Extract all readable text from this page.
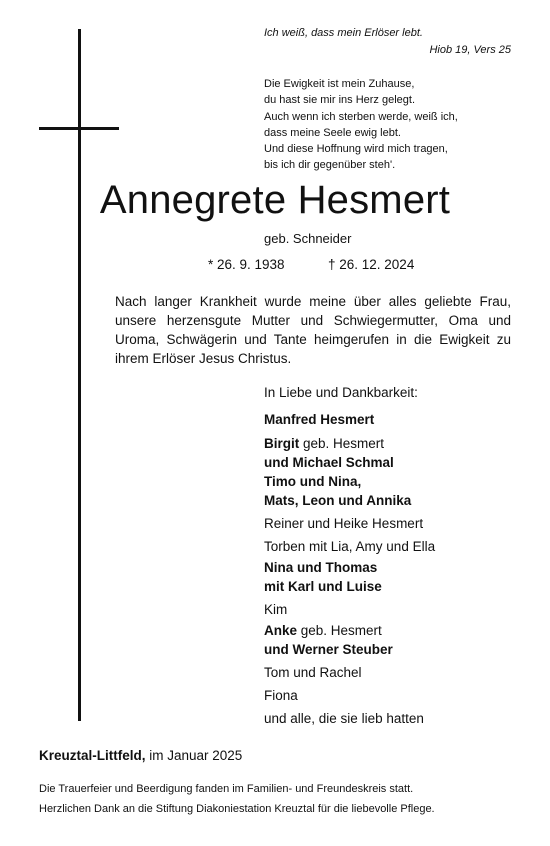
Ich weiß, dass mein Erlöser lebt.
Hiob 19, Vers 25
Die Ewigkeit ist mein Zuhause,
du hast sie mir ins Herz gelegt.
Auch wenn ich sterben werde, weiß ich,
dass meine Seele ewig lebt.
Und diese Hoffnung wird mich tragen,
bis ich dir gegenüber steh'.
Annegrete Hesmert
geb. Schneider
* 26. 9. 1938	† 26. 12. 2024
Nach langer Krankheit wurde meine über alles geliebte Frau, unsere herzensgute Mutter und Schwiegermutter, Oma und Uroma, Schwägerin und Tante heimgerufen in die Ewigkeit zu ihrem Erlöser Jesus Christus.
In Liebe und Dankbarkeit:
Manfred Hesmert
Birgit geb. Hesmert
und Michael Schmal
Timo und Nina,
Mats, Leon und Annika
Reiner und Heike Hesmert
Torben mit Lia, Amy und Ella
Nina und Thomas
mit Karl und Luise
Kim
Anke geb. Hesmert
und Werner Steuber
Tom und Rachel
Fiona
und alle, die sie lieb hatten
Kreuztal-Littfeld, im Januar 2025
Die Trauerfeier und Beerdigung fanden im Familien- und Freundeskreis statt.
Herzlichen Dank an die Stiftung Diakoniestation Kreuztal für die liebevolle Pflege.
